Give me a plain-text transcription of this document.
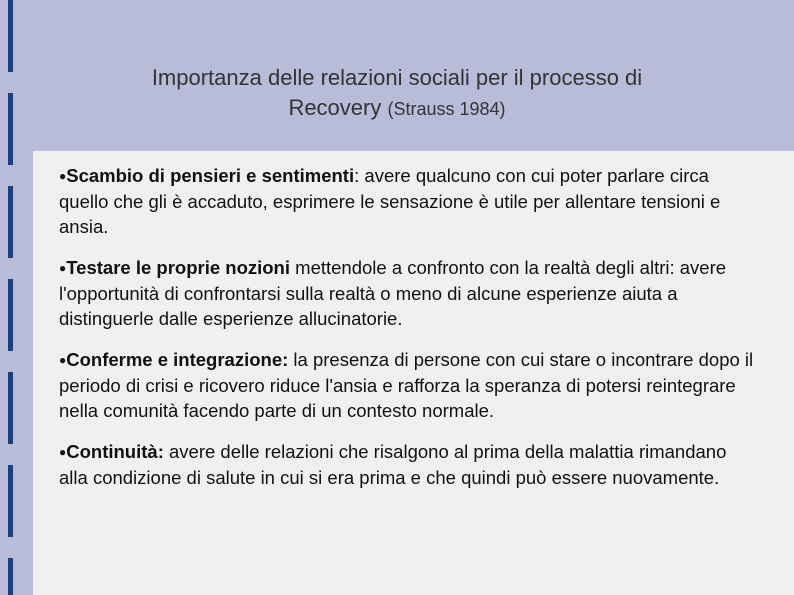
Importanza delle relazioni sociali per il processo di
Recovery (Strauss 1984)

●Scambio di pensieri e sentimenti: avere qualcuno con cui poter parlare circa quello che gli è accaduto, esprimere le sensazione è utile per allentare tensioni e ansia.

●Testare le proprie nozioni mettendole a confronto con la realtà degli altri: avere l'opportunità di confrontarsi sulla realtà o meno di alcune esperienze aiuta a distinguerle dalle esperienze allucinatorie.

●Conferme e integrazione: la presenza di persone con cui stare o incontrare dopo il periodo di crisi e ricovero riduce l'ansia e rafforza la speranza di potersi reintegrare nella comunità facendo parte di un contesto normale.

●Continuità: avere delle relazioni che risalgono al prima della malattia rimandano alla condizione di salute in cui si era prima e che quindi può essere nuovamente.
